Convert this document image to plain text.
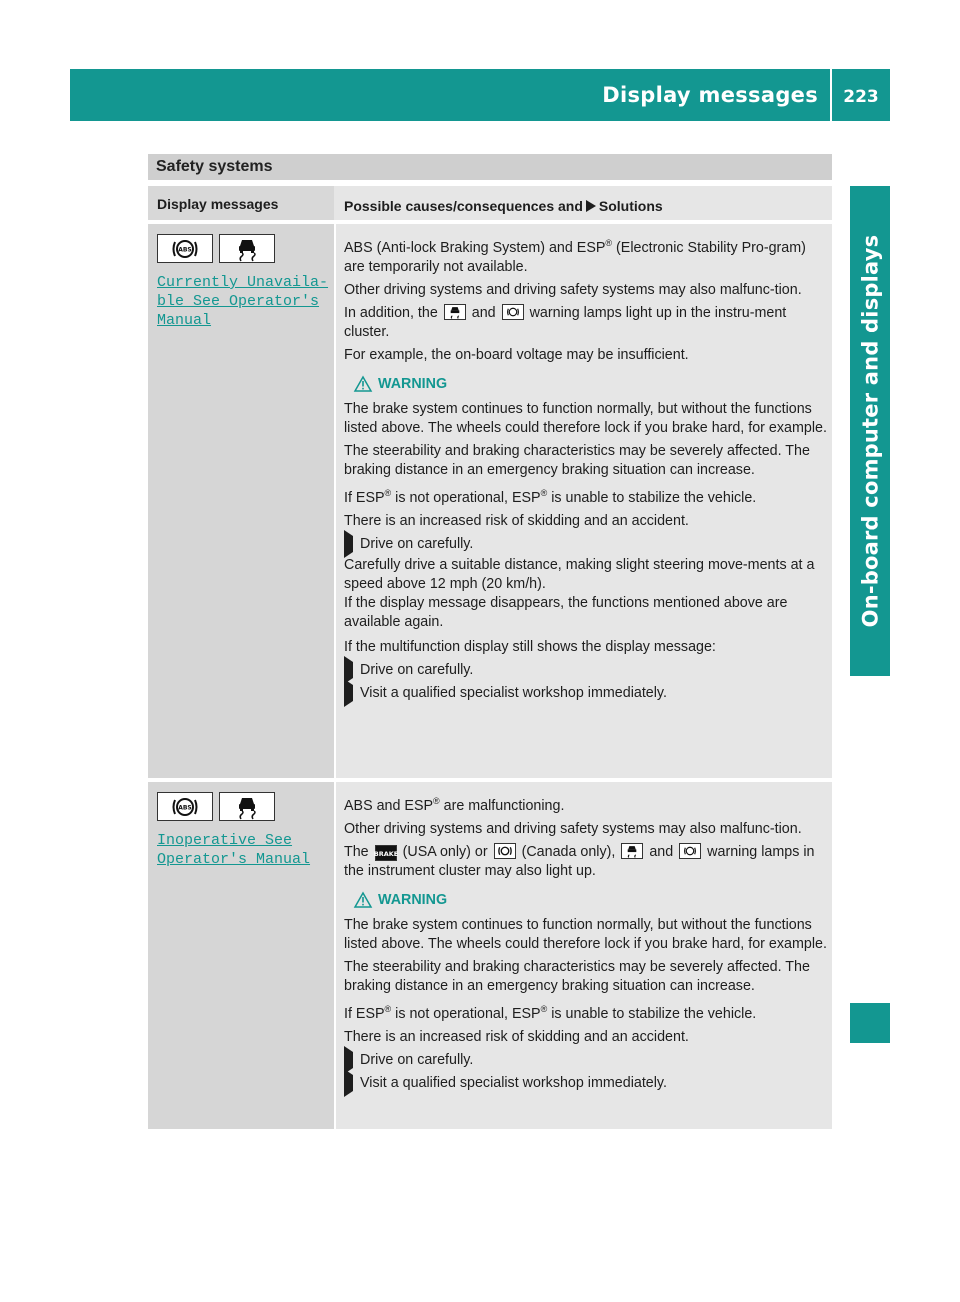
Display messages	223
On-board computer and displays
Safety systems
Display messages	Possible causes/consequences and Solutions
ABS
Currently Unavaila‐
ble See Operator's
Manual

ABS (Anti-lock Braking System) and ESP® (Electronic Stability Pro-gram) are temporarily not available.

Other driving systems and driving safety systems may also malfunc-tion.

In addition, the and warning lamps light up in the instru-ment cluster.

For example, the on-board voltage may be insufficient.

WARNING

The brake system continues to function normally, but without the functions listed above. The wheels could therefore lock if you brake hard, for example.

The steerability and braking characteristics may be severely affected. The braking distance in an emergency braking situation can increase.

If ESP® is not operational, ESP® is unable to stabilize the vehicle.

There is an increased risk of skidding and an accident.

Drive on carefully.

Carefully drive a suitable distance, making slight steering move-ments at a speed above 12 mph (20 km/h).

If the display message disappears, the functions mentioned above are available again.

If the multifunction display still shows the display message:

Drive on carefully.
Visit a qualified specialist workshop immediately.
ABS
Inoperative See
Operator's Manual

ABS and ESP® are malfunctioning.

Other driving systems and driving safety systems may also malfunc-tion.

The BRAKE (USA only) or (Canada only), and warning lamps in the instrument cluster may also light up.

WARNING

The brake system continues to function normally, but without the functions listed above. The wheels could therefore lock if you brake hard, for example.

The steerability and braking characteristics may be severely affected. The braking distance in an emergency braking situation can increase.

If ESP® is not operational, ESP® is unable to stabilize the vehicle.

There is an increased risk of skidding and an accident.

Drive on carefully.
Visit a qualified specialist workshop immediately.
